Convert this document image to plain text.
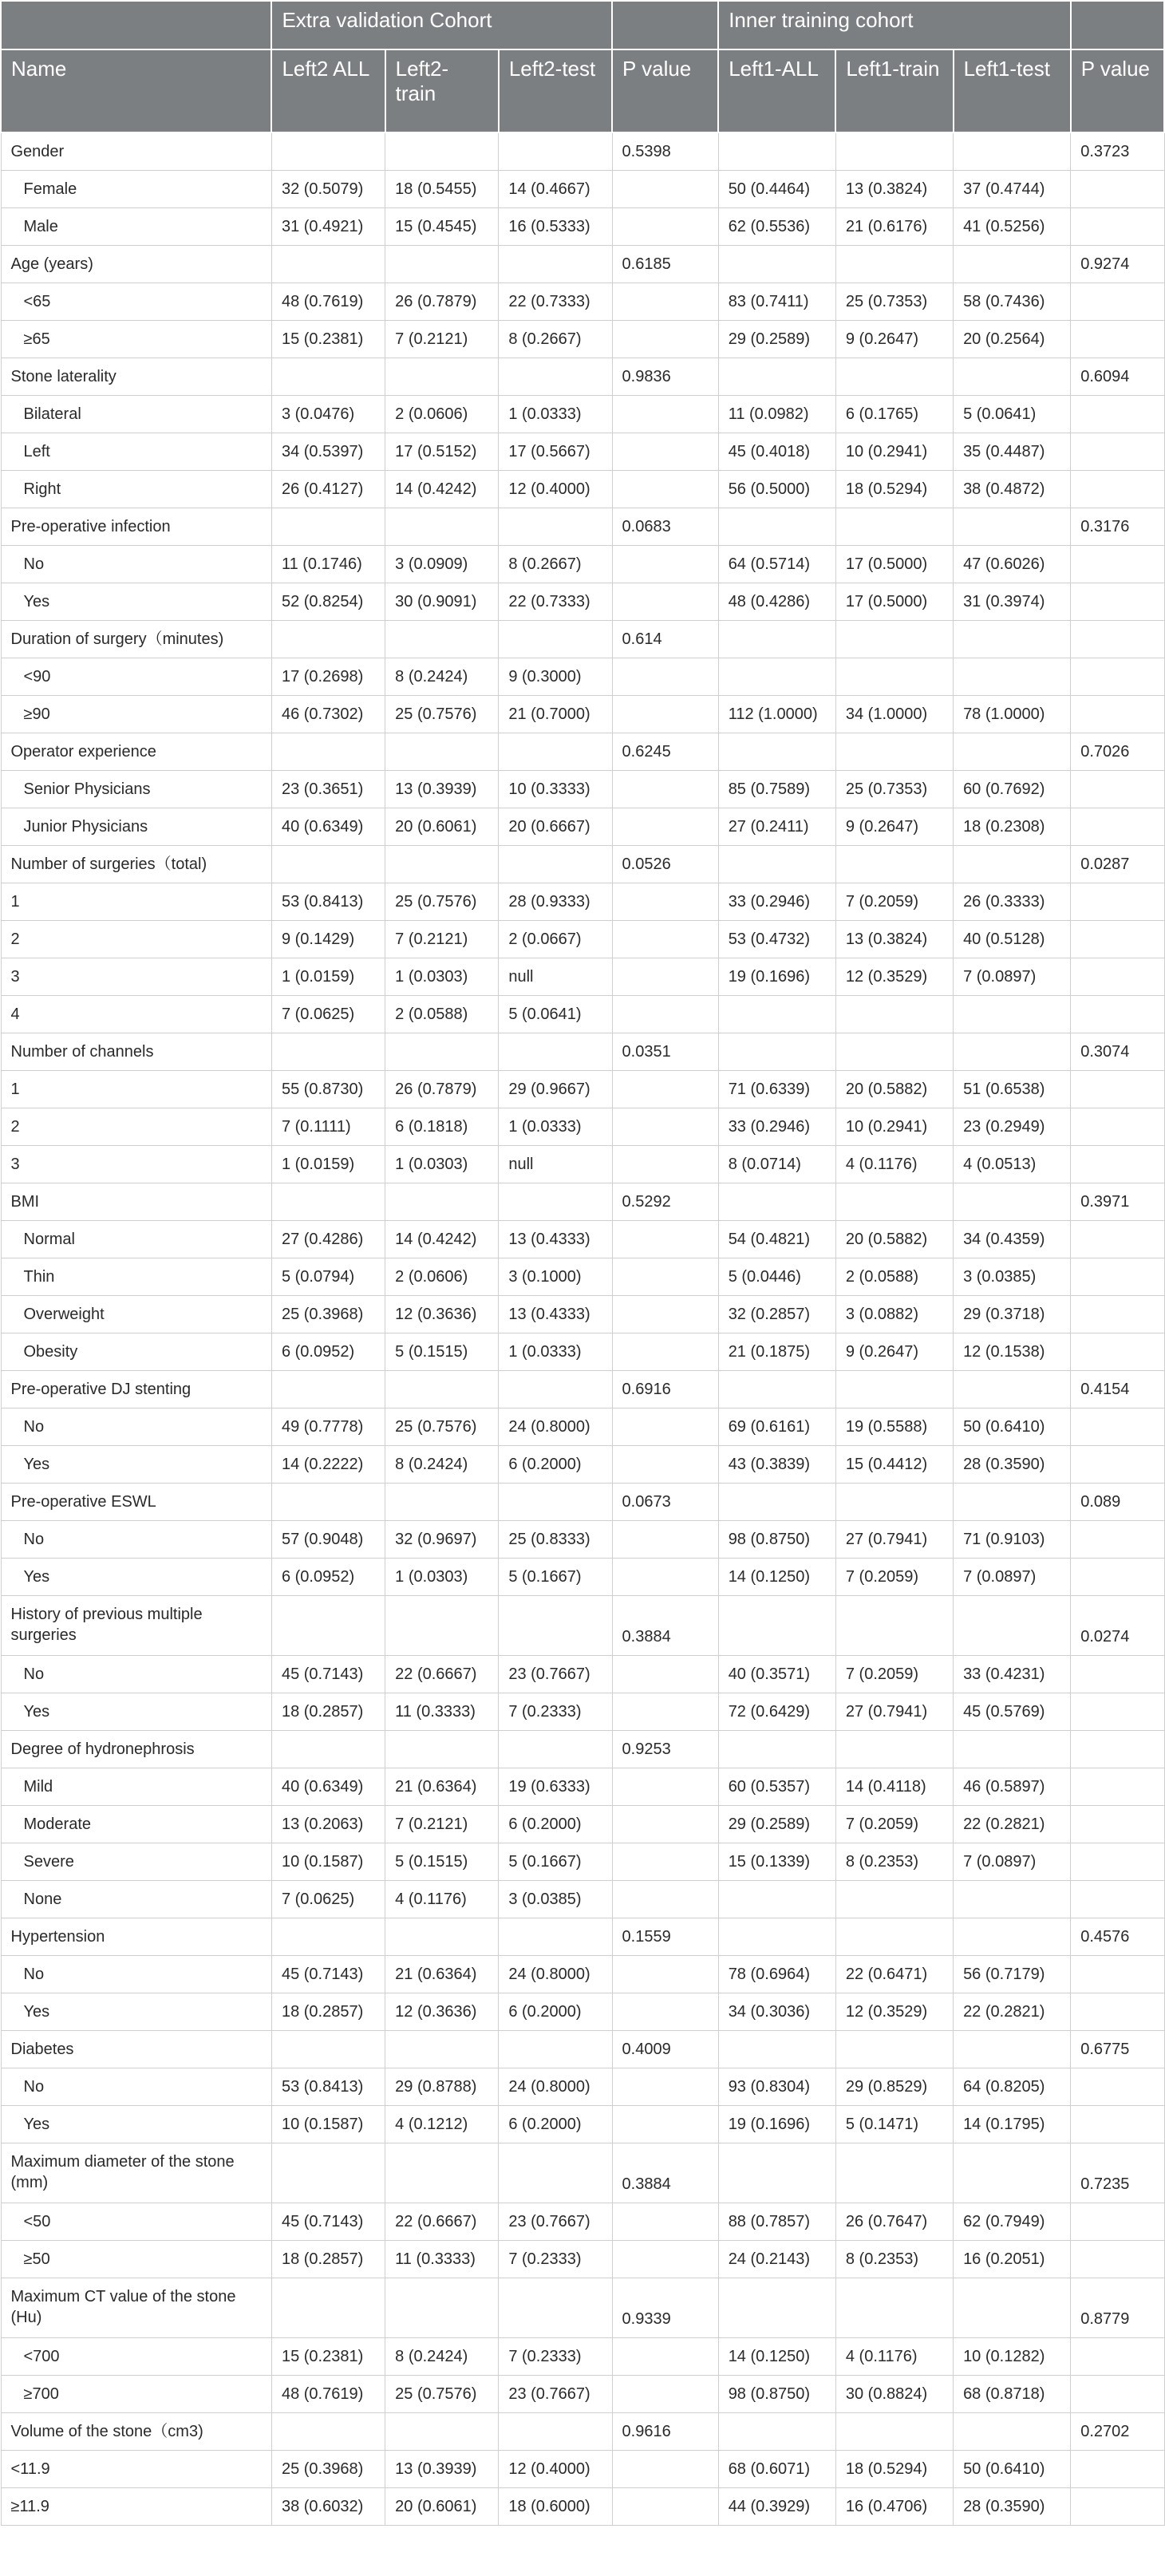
	Extra validation Cohort				Inner training cohort			
Name	Left2 ALL	Left2-train	Left2-test	P value	Left1-ALL	Left1-train	Left1-test	P value
Gender				0.5398				0.3723
Female	32 (0.5079)	18 (0.5455)	14 (0.4667)		50 (0.4464)	13 (0.3824)	37 (0.4744)	
Male	31 (0.4921)	15 (0.4545)	16 (0.5333)		62 (0.5536)	21 (0.6176)	41 (0.5256)	
Age (years)				0.6185				0.9274
<65	48 (0.7619)	26 (0.7879)	22 (0.7333)		83 (0.7411)	25 (0.7353)	58 (0.7436)	
≥65	15 (0.2381)	7 (0.2121)	8 (0.2667)		29 (0.2589)	9 (0.2647)	20 (0.2564)	
Stone laterality				0.9836				0.6094
Bilateral	3 (0.0476)	2 (0.0606)	1 (0.0333)		11 (0.0982)	6 (0.1765)	5 (0.0641)	
Left	34 (0.5397)	17 (0.5152)	17 (0.5667)		45 (0.4018)	10 (0.2941)	35 (0.4487)	
Right	26 (0.4127)	14 (0.4242)	12 (0.4000)		56 (0.5000)	18 (0.5294)	38 (0.4872)	
Pre-operative infection				0.0683				0.3176
No	11 (0.1746)	3 (0.0909)	8 (0.2667)		64 (0.5714)	17 (0.5000)	47 (0.6026)	
Yes	52 (0.8254)	30 (0.9091)	22 (0.7333)		48 (0.4286)	17 (0.5000)	31 (0.3974)	
Duration of surgery（minutes)				0.614				
<90	17 (0.2698)	8 (0.2424)	9 (0.3000)					
≥90	46 (0.7302)	25 (0.7576)	21 (0.7000)		112 (1.0000)	34 (1.0000)	78 (1.0000)	
Operator experience				0.6245				0.7026
Senior Physicians	23 (0.3651)	13 (0.3939)	10 (0.3333)		85 (0.7589)	25 (0.7353)	60 (0.7692)	
Junior Physicians	40 (0.6349)	20 (0.6061)	20 (0.6667)		27 (0.2411)	9 (0.2647)	18 (0.2308)	
Number of surgeries（total)				0.0526				0.0287
1	53 (0.8413)	25 (0.7576)	28 (0.9333)		33 (0.2946)	7 (0.2059)	26 (0.3333)	
2	9 (0.1429)	7 (0.2121)	2 (0.0667)		53 (0.4732)	13 (0.3824)	40 (0.5128)	
3	1 (0.0159)	1 (0.0303)	null		19 (0.1696)	12 (0.3529)	7 (0.0897)	
4	7 (0.0625)	2 (0.0588)	5 (0.0641)					
Number of channels				0.0351				0.3074
1	55 (0.8730)	26 (0.7879)	29 (0.9667)		71 (0.6339)	20 (0.5882)	51 (0.6538)	
2	7 (0.1111)	6 (0.1818)	1 (0.0333)		33 (0.2946)	10 (0.2941)	23 (0.2949)	
3	1 (0.0159)	1 (0.0303)	null		8 (0.0714)	4 (0.1176)	4 (0.0513)	
BMI				0.5292				0.3971
Normal	27 (0.4286)	14 (0.4242)	13 (0.4333)		54 (0.4821)	20 (0.5882)	34 (0.4359)	
Thin	5 (0.0794)	2 (0.0606)	3 (0.1000)		5 (0.0446)	2 (0.0588)	3 (0.0385)	
Overweight	25 (0.3968)	12 (0.3636)	13 (0.4333)		32 (0.2857)	3 (0.0882)	29 (0.3718)	
Obesity	6 (0.0952)	5 (0.1515)	1 (0.0333)		21 (0.1875)	9 (0.2647)	12 (0.1538)	
Pre-operative DJ stenting				0.6916				0.4154
No	49 (0.7778)	25 (0.7576)	24 (0.8000)		69 (0.6161)	19 (0.5588)	50 (0.6410)	
Yes	14 (0.2222)	8 (0.2424)	6 (0.2000)		43 (0.3839)	15 (0.4412)	28 (0.3590)	
Pre-operative ESWL				0.0673				0.089
No	57 (0.9048)	32 (0.9697)	25 (0.8333)		98 (0.8750)	27 (0.7941)	71 (0.9103)	
Yes	6 (0.0952)	1 (0.0303)	5 (0.1667)		14 (0.1250)	7 (0.2059)	7 (0.0897)	
History of previous multiple surgeries				0.3884				0.0274
No	45 (0.7143)	22 (0.6667)	23 (0.7667)		40 (0.3571)	7 (0.2059)	33 (0.4231)	
Yes	18 (0.2857)	11 (0.3333)	7 (0.2333)		72 (0.6429)	27 (0.7941)	45 (0.5769)	
Degree of hydronephrosis				0.9253				
Mild	40 (0.6349)	21 (0.6364)	19 (0.6333)		60 (0.5357)	14 (0.4118)	46 (0.5897)	
Moderate	13 (0.2063)	7 (0.2121)	6 (0.2000)		29 (0.2589)	7 (0.2059)	22 (0.2821)	
Severe	10 (0.1587)	5 (0.1515)	5 (0.1667)		15 (0.1339)	8 (0.2353)	7 (0.0897)	
None	7 (0.0625)	4 (0.1176)	3 (0.0385)					
Hypertension				0.1559				0.4576
No	45 (0.7143)	21 (0.6364)	24 (0.8000)		78 (0.6964)	22 (0.6471)	56 (0.7179)	
Yes	18 (0.2857)	12 (0.3636)	6 (0.2000)		34 (0.3036)	12 (0.3529)	22 (0.2821)	
Diabetes				0.4009				0.6775
No	53 (0.8413)	29 (0.8788)	24 (0.8000)		93 (0.8304)	29 (0.8529)	64 (0.8205)	
Yes	10 (0.1587)	4 (0.1212)	6 (0.2000)		19 (0.1696)	5 (0.1471)	14 (0.1795)	
Maximum diameter of the stone (mm)				0.3884				0.7235
<50	45 (0.7143)	22 (0.6667)	23 (0.7667)		88 (0.7857)	26 (0.7647)	62 (0.7949)	
≥50	18 (0.2857)	11 (0.3333)	7 (0.2333)		24 (0.2143)	8 (0.2353)	16 (0.2051)	
Maximum CT value of the stone (Hu)				0.9339				0.8779
<700	15 (0.2381)	8 (0.2424)	7 (0.2333)		14 (0.1250)	4 (0.1176)	10 (0.1282)	
≥700	48 (0.7619)	25 (0.7576)	23 (0.7667)		98 (0.8750)	30 (0.8824)	68 (0.8718)	
Volume of the stone（cm3)				0.9616				0.2702
<11.9	25 (0.3968)	13 (0.3939)	12 (0.4000)		68 (0.6071)	18 (0.5294)	50 (0.6410)	
≥11.9	38 (0.6032)	20 (0.6061)	18 (0.6000)		44 (0.3929)	16 (0.4706)	28 (0.3590)	
